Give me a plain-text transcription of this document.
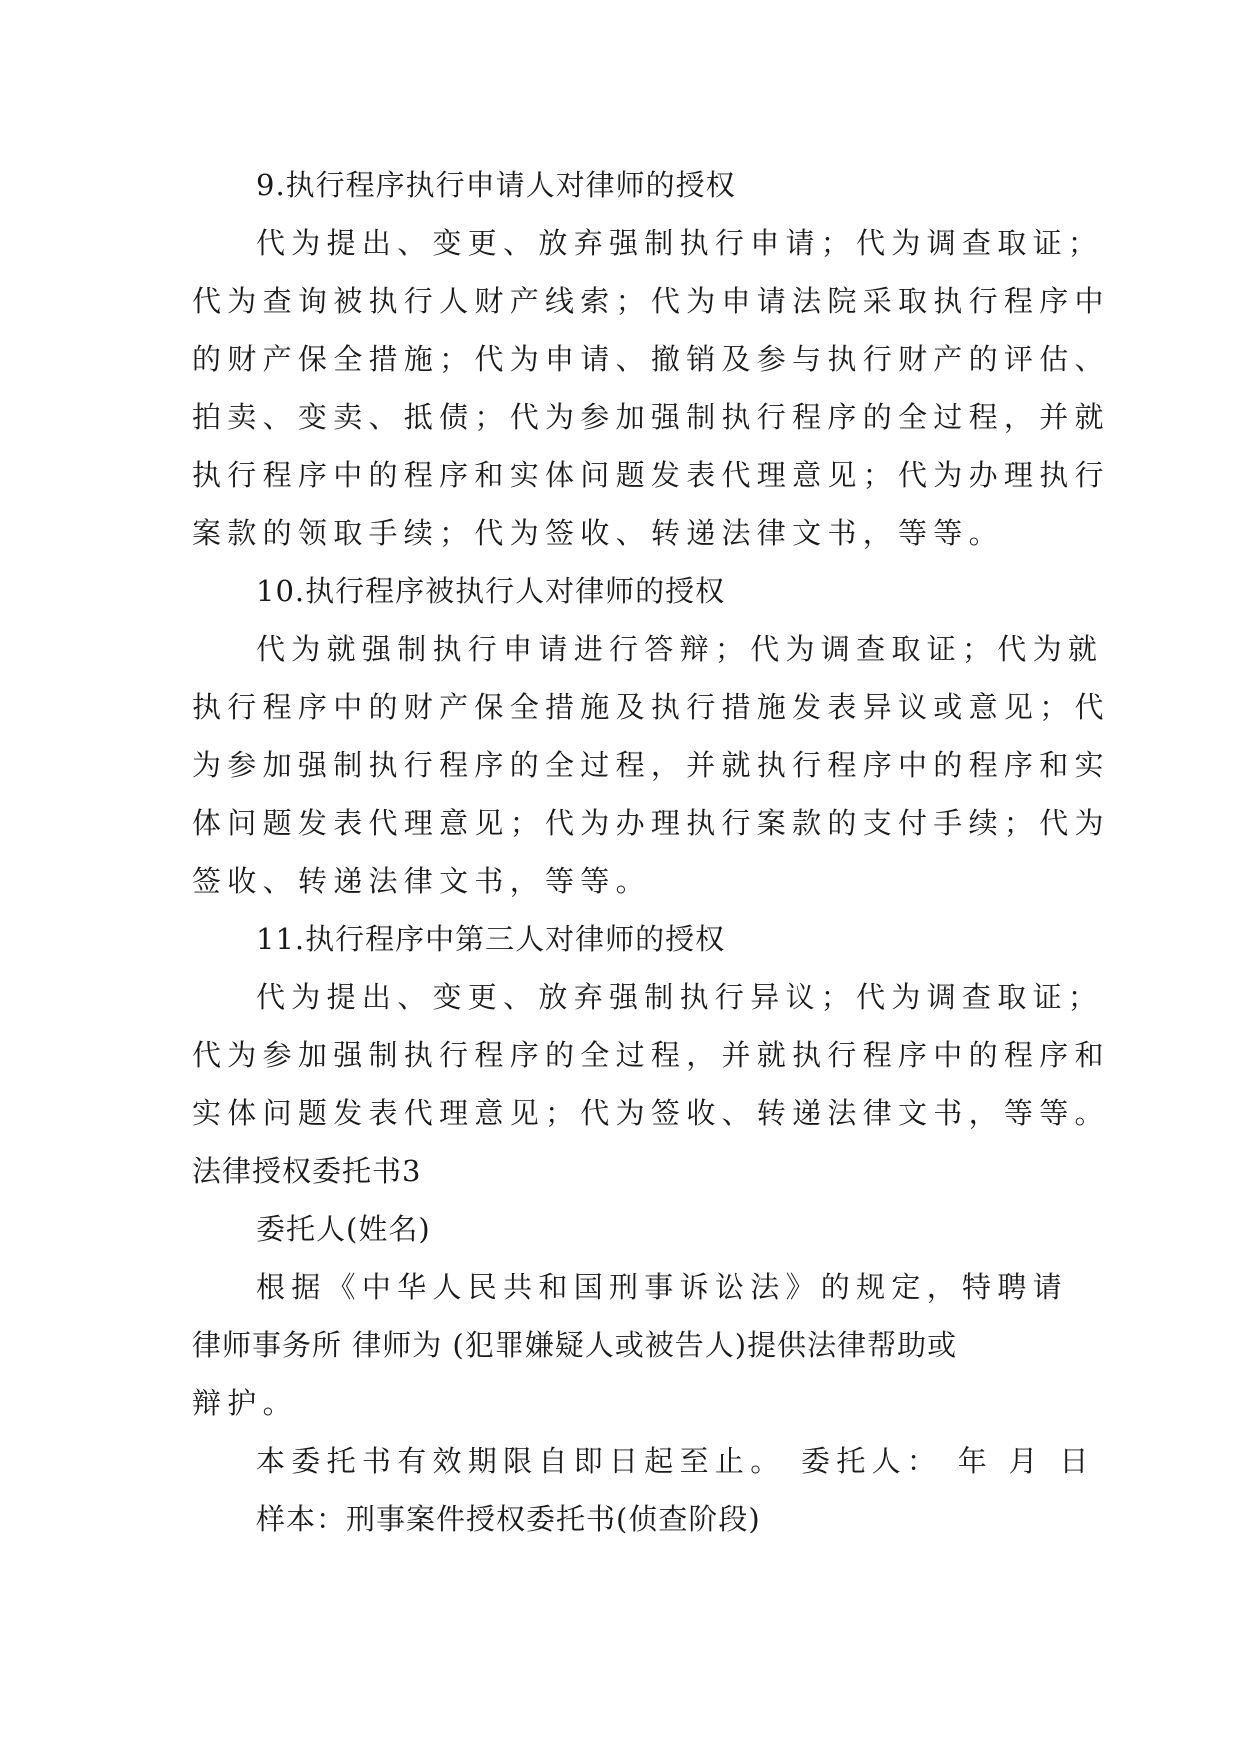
9.执行程序执行申请人对律师的授权
代为提出、变更、放弃强制执行申请；代为调查取证；
代为查询被执行人财产线索；代为申请法院采取执行程序中
的财产保全措施；代为申请、撤销及参与执行财产的评估、
拍卖、变卖、抵债；代为参加强制执行程序的全过程，并就
执行程序中的程序和实体问题发表代理意见；代为办理执行
案款的领取手续；代为签收、转递法律文书，等等。
10.执行程序被执行人对律师的授权
代为就强制执行申请进行答辩；代为调查取证；代为就
执行程序中的财产保全措施及执行措施发表异议或意见；代
为参加强制执行程序的全过程，并就执行程序中的程序和实
体问题发表代理意见；代为办理执行案款的支付手续；代为
签收、转递法律文书，等等。
11.执行程序中第三人对律师的授权
代为提出、变更、放弃强制执行异议；代为调查取证；
代为参加强制执行程序的全过程，并就执行程序中的程序和
实体问题发表代理意见；代为签收、转递法律文书，等等。
法律授权委托书3
委托人(姓名)
根据《中华人民共和国刑事诉讼法》的规定，特聘请
律师事务所 律师为 (犯罪嫌疑人或被告人)提供法律帮助或
辩护。
本委托书有效期限自即日起至止。 委托人： 年 月 日
样本：刑事案件授权委托书(侦查阶段)
